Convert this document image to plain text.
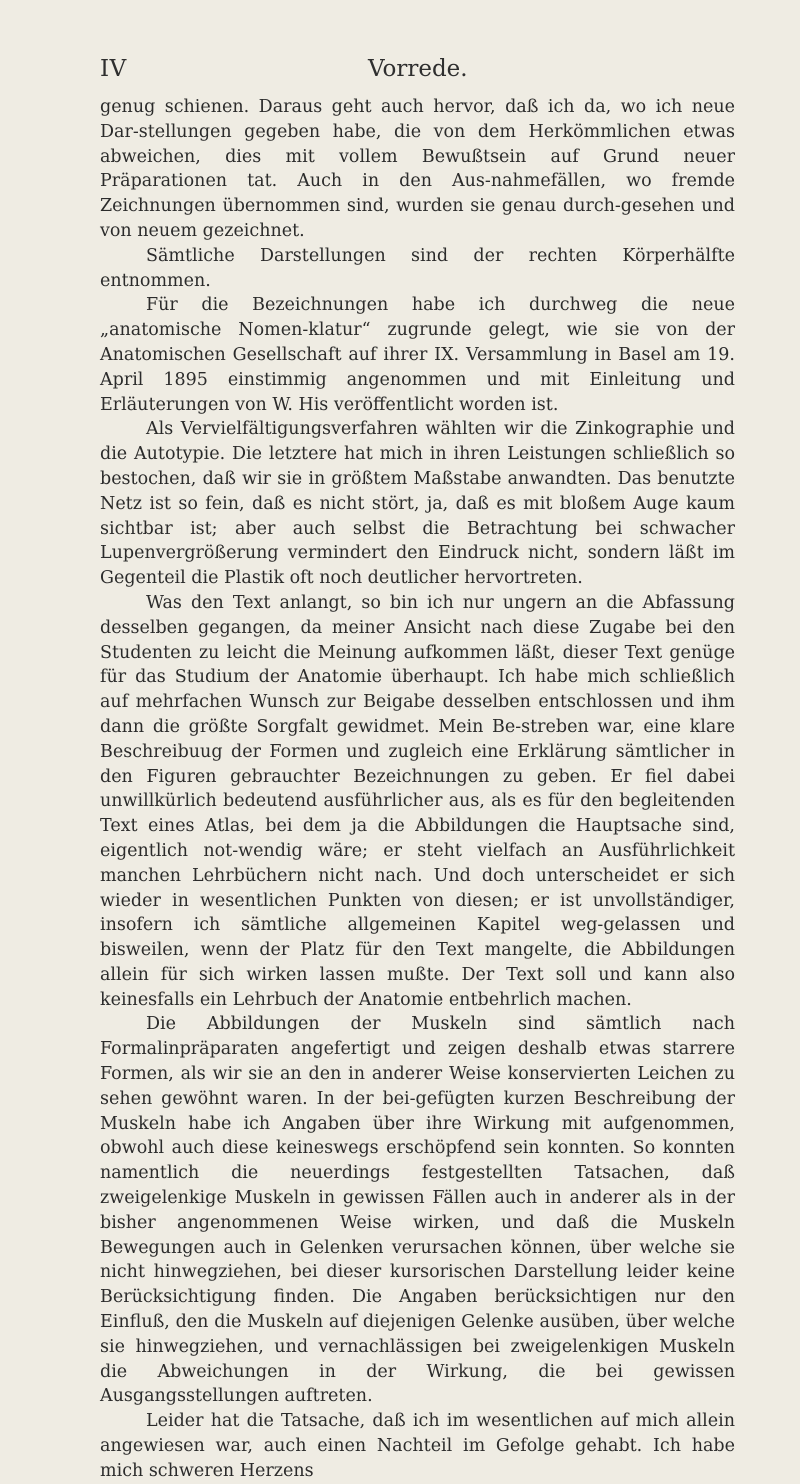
IV	Vorrede.

genug schienen. Daraus geht auch hervor, daß ich da, wo ich neue Dar-stellungen gegeben habe, die von dem Herkömmlichen etwas abweichen, dies mit vollem Bewußtsein auf Grund neuer Präparationen tat. Auch in den Aus-nahmefällen, wo fremde Zeichnungen übernommen sind, wurden sie genau durch-gesehen und von neuem gezeichnet.

Sämtliche Darstellungen sind der rechten Körperhälfte entnommen.

Für die Bezeichnungen habe ich durchweg die neue „anatomische Nomen-klatur“ zugrunde gelegt, wie sie von der Anatomischen Gesellschaft auf ihrer IX. Versammlung in Basel am 19. April 1895 einstimmig angenommen und mit Einleitung und Erläuterungen von W. His veröffentlicht worden ist.

Als Vervielfältigungsverfahren wählten wir die Zinkographie und die Autotypie. Die letztere hat mich in ihren Leistungen schließlich so bestochen, daß wir sie in größtem Maßstabe anwandten. Das benutzte Netz ist so fein, daß es nicht stört, ja, daß es mit bloßem Auge kaum sichtbar ist; aber auch selbst die Betrachtung bei schwacher Lupenvergrößerung vermindert den Eindruck nicht, sondern läßt im Gegenteil die Plastik oft noch deutlicher hervortreten.

Was den Text anlangt, so bin ich nur ungern an die Abfassung desselben gegangen, da meiner Ansicht nach diese Zugabe bei den Studenten zu leicht die Meinung aufkommen läßt, dieser Text genüge für das Studium der Anatomie überhaupt. Ich habe mich schließlich auf mehrfachen Wunsch zur Beigabe desselben entschlossen und ihm dann die größte Sorgfalt gewidmet. Mein Be-streben war, eine klare Beschreibuug der Formen und zugleich eine Erklärung sämtlicher in den Figuren gebrauchter Bezeichnungen zu geben. Er fiel dabei unwillkürlich bedeutend ausführlicher aus, als es für den begleitenden Text eines Atlas, bei dem ja die Abbildungen die Hauptsache sind, eigentlich not-wendig wäre; er steht vielfach an Ausführlichkeit manchen Lehrbüchern nicht nach. Und doch unterscheidet er sich wieder in wesentlichen Punkten von diesen; er ist unvollständiger, insofern ich sämtliche allgemeinen Kapitel weg-gelassen und bisweilen, wenn der Platz für den Text mangelte, die Abbildungen allein für sich wirken lassen mußte. Der Text soll und kann also keinesfalls ein Lehrbuch der Anatomie entbehrlich machen.

Die Abbildungen der Muskeln sind sämtlich nach Formalinpräparaten angefertigt und zeigen deshalb etwas starrere Formen, als wir sie an den in anderer Weise konservierten Leichen zu sehen gewöhnt waren. In der bei-gefügten kurzen Beschreibung der Muskeln habe ich Angaben über ihre Wirkung mit aufgenommen, obwohl auch diese keineswegs erschöpfend sein konnten. So konnten namentlich die neuerdings festgestellten Tatsachen, daß zweigelenkige Muskeln in gewissen Fällen auch in anderer als in der bisher angenommenen Weise wirken, und daß die Muskeln Bewegungen auch in Gelenken verursachen können, über welche sie nicht hinwegziehen, bei dieser kursorischen Darstellung leider keine Berücksichtigung finden. Die Angaben berücksichtigen nur den Einfluß, den die Muskeln auf diejenigen Gelenke ausüben, über welche sie hinwegziehen, und vernachlässigen bei zweigelenkigen Muskeln die Abweichungen in der Wirkung, die bei gewissen Ausgangsstellungen auftreten.

Leider hat die Tatsache, daß ich im wesentlichen auf mich allein angewiesen war, auch einen Nachteil im Gefolge gehabt. Ich habe mich schweren Herzens
